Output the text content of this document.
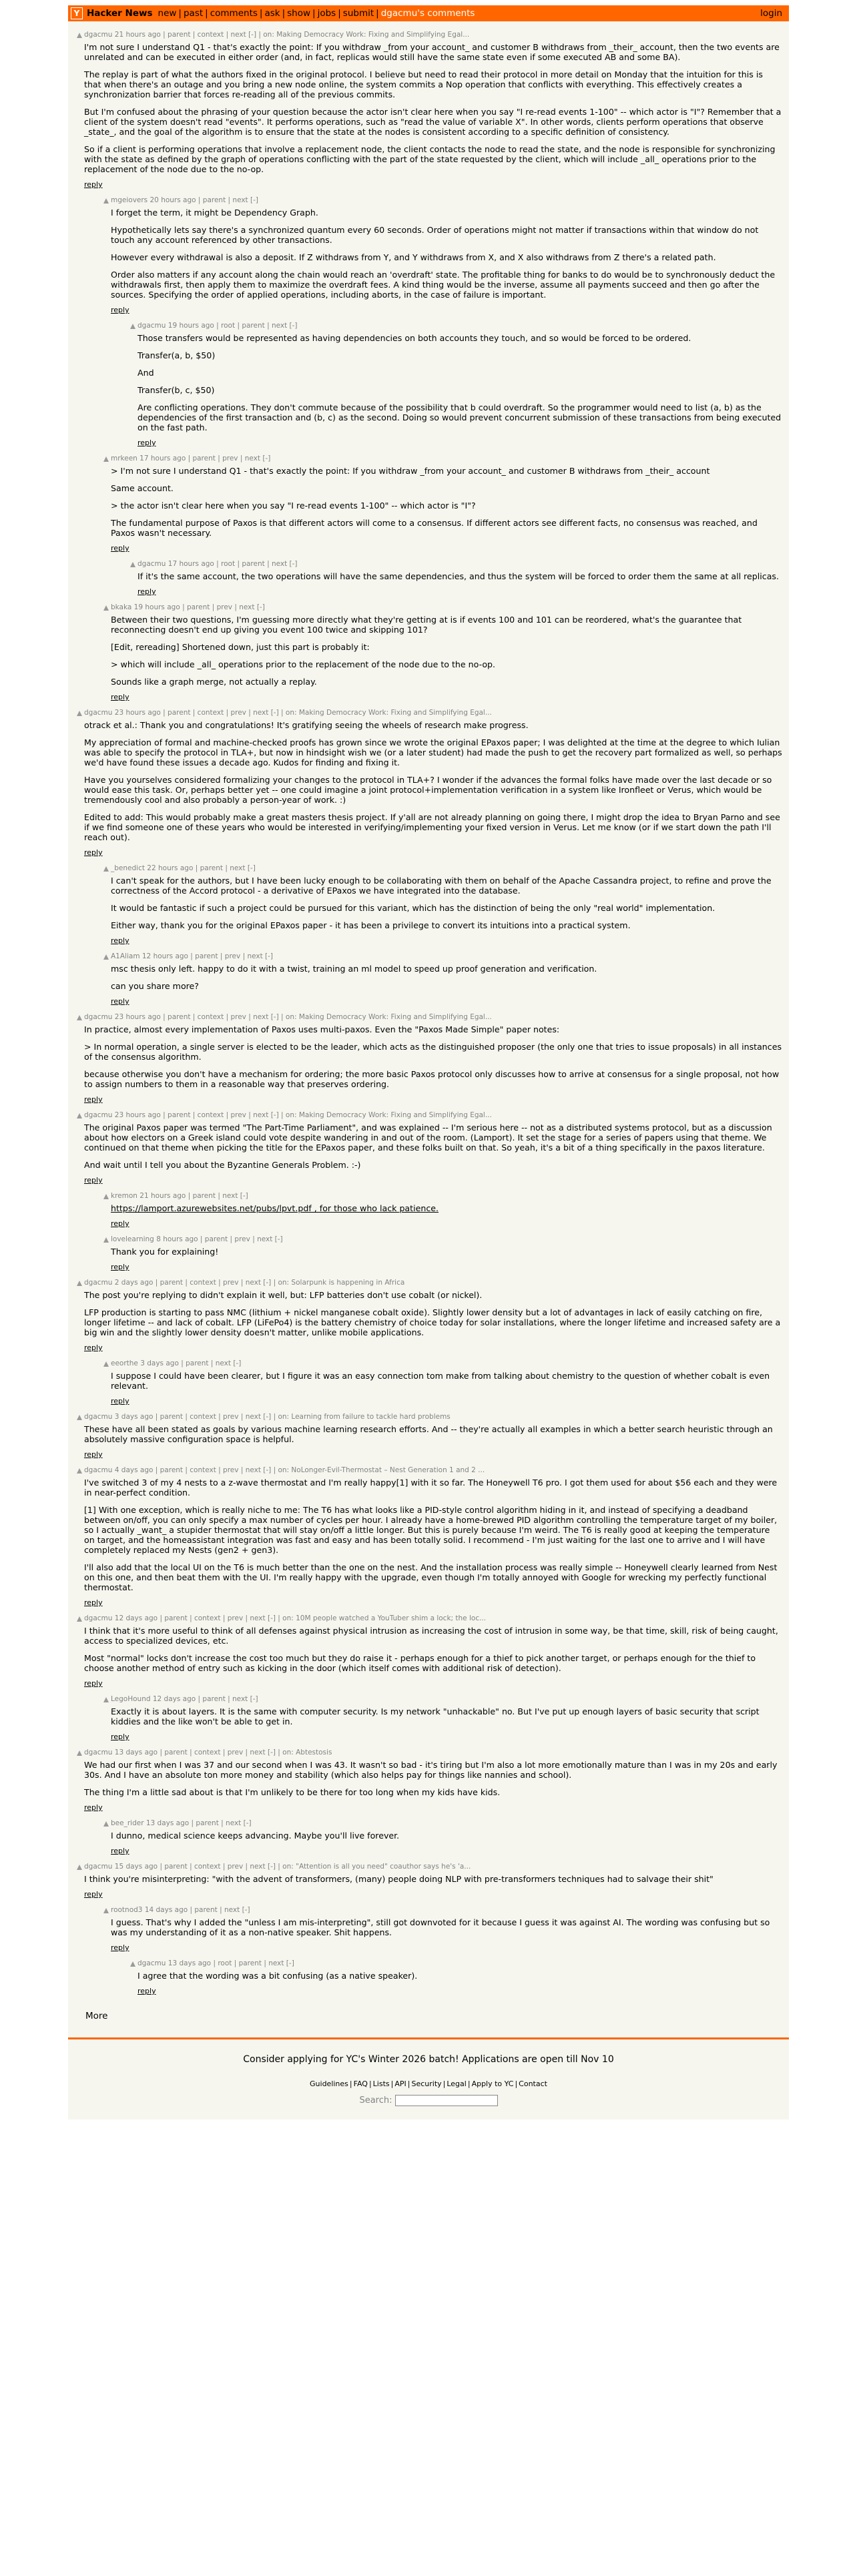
Y Hacker News new | past | comments | ask | show | jobs | submit | dgacmu's comments	login
dgacmu 21 hours ago | parent | context | next [-] | on: Making Democracy Work: Fixing and Simplifying Egal...
I'm not sure I understand Q1 - that's exactly the point: If you withdraw _from your account_ and customer B withdraws from _their_ account, then the two events are unrelated and can be executed in either order (and, in fact, replicas would still have the same state even if some executed AB and some BA).
The replay is part of what the authors fixed in the original protocol. I believe but need to read their protocol in more detail on Monday that the intuition for this is that when there's an outage and you bring a new node online, the system commits a Nop operation that conflicts with everything. This effectively creates a synchronization barrier that forces re-reading all of the previous commits.
But I'm confused about the phrasing of your question because the actor isn't clear here when you say "I re-read events 1-100" -- which actor is "I"? Remember that a client of the system doesn't read "events". It performs operations, such as "read the value of variable X". In other words, clients perform operations that observe _state_, and the goal of the algorithm is to ensure that the state at the nodes is consistent according to a specific definition of consistency.
So if a client is performing operations that involve a replacement node, the client contacts the node to read the state, and the node is responsible for synchronizing with the state as defined by the graph of operations conflicting with the part of the state requested by the client, which will include _all_ operations prior to the replacement of the node due to the no-op.
reply
mgeiovers 20 hours ago | parent | next [-]
I forget the term, it might be Dependency Graph.
Hypothetically lets say there's a synchronized quantum every 60 seconds. Order of operations might not matter if transactions within that window do not touch any account referenced by other transactions.
However every withdrawal is also a deposit. If Z withdraws from Y, and Y withdraws from X, and X also withdraws from Z there's a related path.
Order also matters if any account along the chain would reach an 'overdraft' state. The profitable thing for banks to do would be to synchronously deduct the withdrawals first, then apply them to maximize the overdraft fees. A kind thing would be the inverse, assume all payments succeed and then go after the sources. Specifying the order of applied operations, including aborts, in the case of failure is important.
reply
dgacmu 19 hours ago | root | parent | next [-]
Those transfers would be represented as having dependencies on both accounts they touch, and so would be forced to be ordered.
Transfer(a, b, $50)
And
Transfer(b, c, $50)
Are conflicting operations. They don't commute because of the possibility that b could overdraft. So the programmer would need to list (a, b) as the dependencies of the first transaction and (b, c) as the second. Doing so would prevent concurrent submission of these transactions from being executed on the fast path.
reply
mrkeen 17 hours ago | parent | prev | next [-]
> I'm not sure I understand Q1 - that's exactly the point: If you withdraw _from your account_ and customer B withdraws from _their_ account
Same account.
> the actor isn't clear here when you say "I re-read events 1-100" -- which actor is "I"?
The fundamental purpose of Paxos is that different actors will come to a consensus. If different actors see different facts, no consensus was reached, and Paxos wasn't necessary.
reply
dgacmu 17 hours ago | root | parent | next [-]
If it's the same account, the two operations will have the same dependencies, and thus the system will be forced to order them the same at all replicas.
reply
bkaka 19 hours ago | parent | prev | next [-]
Between their two questions, I'm guessing more directly what they're getting at is if events 100 and 101 can be reordered, what's the guarantee that reconnecting doesn't end up giving you event 100 twice and skipping 101?
[Edit, rereading] Shortened down, just this part is probably it:
> which will include _all_ operations prior to the replacement of the node due to the no-op.
Sounds like a graph merge, not actually a replay.
reply
dgacmu 23 hours ago | parent | context | prev | next [-] | on: Making Democracy Work: Fixing and Simplifying Egal...
otrack et al.: Thank you and congratulations! It's gratifying seeing the wheels of research make progress.
My appreciation of formal and machine-checked proofs has grown since we wrote the original EPaxos paper; I was delighted at the time at the degree to which Iulian was able to specify the protocol in TLA+, but now in hindsight wish we (or a later student) had made the push to get the recovery part formalized as well, so perhaps we'd have found these issues a decade ago. Kudos for finding and fixing it.
Have you yourselves considered formalizing your changes to the protocol in TLA+? I wonder if the advances the formal folks have made over the last decade or so would ease this task. Or, perhaps better yet -- one could imagine a joint protocol+implementation verification in a system like Ironfleet or Verus, which would be tremendously cool and also probably a person-year of work. :)
Edited to add: This would probably make a great masters thesis project. If y'all are not already planning on going there, I might drop the idea to Bryan Parno and see if we find someone one of these years who would be interested in verifying/implementing your fixed version in Verus. Let me know (or if we start down the path I'll reach out).
reply
_benedict 22 hours ago | parent | next [-]
I can't speak for the authors, but I have been lucky enough to be collaborating with them on behalf of the Apache Cassandra project, to refine and prove the correctness of the Accord protocol - a derivative of EPaxos we have integrated into the database.
It would be fantastic if such a project could be pursued for this variant, which has the distinction of being the only "real world" implementation.
Either way, thank you for the original EPaxos paper - it has been a privilege to convert its intuitions into a practical system.
reply
A1Aliam 12 hours ago | parent | prev | next [-]
msc thesis only left. happy to do it with a twist, training an ml model to speed up proof generation and verification.
can you share more?
reply
dgacmu 23 hours ago | parent | context | prev | next [-] | on: Making Democracy Work: Fixing and Simplifying Egal...
In practice, almost every implementation of Paxos uses multi-paxos. Even the "Paxos Made Simple" paper notes:
> In normal operation, a single server is elected to be the leader, which acts as the distinguished proposer (the only one that tries to issue proposals) in all instances of the consensus algorithm.
because otherwise you don't have a mechanism for ordering; the more basic Paxos protocol only discusses how to arrive at consensus for a single proposal, not how to assign numbers to them in a reasonable way that preserves ordering.
reply
dgacmu 23 hours ago | parent | context | prev | next [-] | on: Making Democracy Work: Fixing and Simplifying Egal...
The original Paxos paper was termed "The Part-Time Parliament", and was explained -- I'm serious here -- not as a distributed systems protocol, but as a discussion about how electors on a Greek island could vote despite wandering in and out of the room. (Lamport). It set the stage for a series of papers using that theme. We continued on that theme when picking the title for the EPaxos paper, and these folks built on that. So yeah, it's a bit of a thing specifically in the paxos literature.
And wait until I tell you about the Byzantine Generals Problem. :-)
reply
kremon 21 hours ago | parent | next [-]
https://lamport.azurewebsites.net/pubs/lpvt.pdf , for those who lack patience.
reply
lovelearning 8 hours ago | parent | prev | next [-]
Thank you for explaining!
reply
dgacmu 2 days ago | parent | context | prev | next [-] | on: Solarpunk is happening in Africa
The post you're replying to didn't explain it well, but: LFP batteries don't use cobalt (or nickel).
LFP production is starting to pass NMC (lithium + nickel manganese cobalt oxide). Slightly lower density but a lot of advantages in lack of easily catching on fire, longer lifetime -- and lack of cobalt. LFP (LiFePo4) is the battery chemistry of choice today for solar installations, where the longer lifetime and increased safety are a big win and the slightly lower density doesn't matter, unlike mobile applications.
reply
eeorthe 3 days ago | parent | next [-]
I suppose I could have been clearer, but I figure it was an easy connection tom make from talking about chemistry to the question of whether cobalt is even relevant.
reply
dgacmu 3 days ago | parent | context | prev | next [-] | on: Learning from failure to tackle hard problems
These have all been stated as goals by various machine learning research efforts. And -- they're actually all examples in which a better search heuristic through an absolutely massive configuration space is helpful.
reply
dgacmu 4 days ago | parent | context | prev | next [-] | on: NoLonger-Evil-Thermostat – Nest Generation 1 and 2 ...
I've switched 3 of my 4 nests to a z-wave thermostat and I'm really happy[1] with it so far. The Honeywell T6 pro. I got them used for about $56 each and they were in near-perfect condition.
[1] With one exception, which is really niche to me: The T6 has what looks like a PID-style control algorithm hiding in it, and instead of specifying a deadband between on/off, you can only specify a max number of cycles per hour. I already have a home-brewed PID algorithm controlling the temperature target of my boiler, so I actually _want_ a stupider thermostat that will stay on/off a little longer. But this is purely because I'm weird. The T6 is really good at keeping the temperature on target, and the homeassistant integration was fast and easy and has been totally solid. I recommend - I'm just waiting for the last one to arrive and I will have completely replaced my Nests (gen2 + gen3).
I'll also add that the local UI on the T6 is much better than the one on the nest. And the installation process was really simple -- Honeywell clearly learned from Nest on this one, and then beat them with the UI. I'm really happy with the upgrade, even though I'm totally annoyed with Google for wrecking my perfectly functional thermostat.
reply
dgacmu 12 days ago | parent | context | prev | next [-] | on: 10M people watched a YouTuber shim a lock; the loc...
I think that it's more useful to think of all defenses against physical intrusion as increasing the cost of intrusion in some way, be that time, skill, risk of being caught, access to specialized devices, etc.
Most "normal" locks don't increase the cost too much but they do raise it - perhaps enough for a thief to pick another target, or perhaps enough for the thief to choose another method of entry such as kicking in the door (which itself comes with additional risk of detection).
reply
LegoHound 12 days ago | parent | next [-]
Exactly it is about layers. It is the same with computer security. Is my network "unhackable" no. But I've put up enough layers of basic security that script kiddies and the like won't be able to get in.
reply
dgacmu 13 days ago | parent | context | prev | next [-] | on: Abtestosis
We had our first when I was 37 and our second when I was 43. It wasn't so bad - it's tiring but I'm also a lot more emotionally mature than I was in my 20s and early 30s. And I have an absolute ton more money and stability (which also helps pay for things like nannies and school).
The thing I'm a little sad about is that I'm unlikely to be there for too long when my kids have kids.
reply
bee_rider 13 days ago | parent | next [-]
I dunno, medical science keeps advancing. Maybe you'll live forever.
reply
dgacmu 15 days ago | parent | context | prev | next [-] | on: "Attention is all you need" coauthor says he's 'a...
I think you're misinterpreting: "with the advent of transformers, (many) people doing NLP with pre-transformers techniques had to salvage their shit"
reply
rootnod3 14 days ago | parent | next [-]
I guess. That's why I added the "unless I am mis-interpreting", still got downvoted for it because I guess it was against AI. The wording was confusing but so was my understanding of it as a non-native speaker. Shit happens.
reply
dgacmu 13 days ago | root | parent | next [-]
I agree that the wording was a bit confusing (as a native speaker).
reply
More
Consider applying for YC's Winter 2026 batch! Applications are open till Nov 10
Guidelines | FAQ | Lists | API | Security | Legal | Apply to YC | Contact
Search:
